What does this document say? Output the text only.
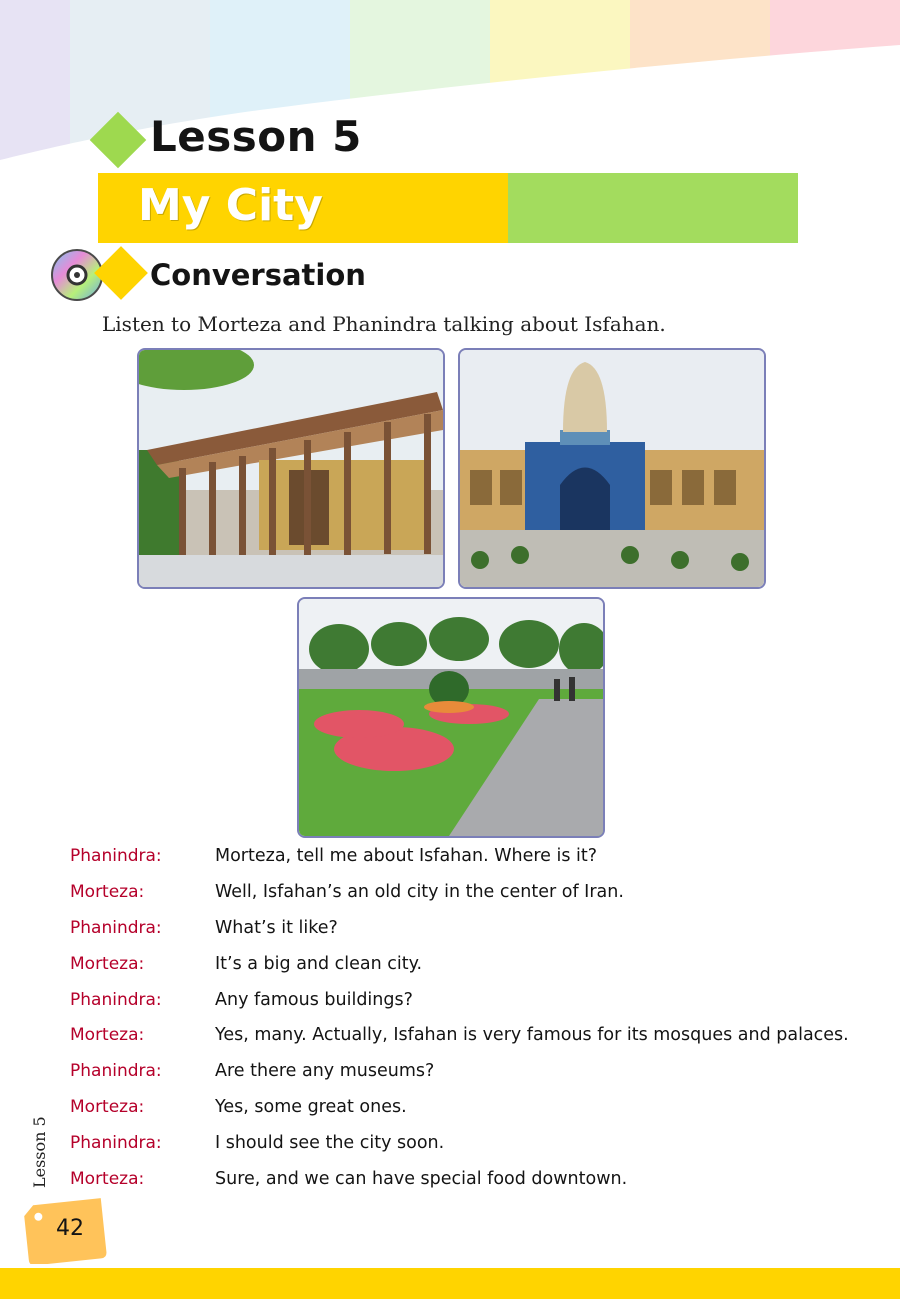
Lesson 5
My City
Conversation

Listen to Morteza and Phanindra talking about Isfahan.

Phanindra:	Morteza, tell me about Isfahan. Where is it?
Morteza:	Well, Isfahan’s an old city in the center of Iran.
Phanindra:	What’s it like?
Morteza:	It’s a big and clean city.
Phanindra:	Any famous buildings?
Morteza:	Yes, many. Actually, Isfahan is very famous for its mosques and palaces.
Phanindra:	Are there any museums?
Morteza:	Yes, some great ones.
Phanindra:	I should see the city soon.
Morteza:	Sure, and we can have special food downtown.

Lesson 5

42
